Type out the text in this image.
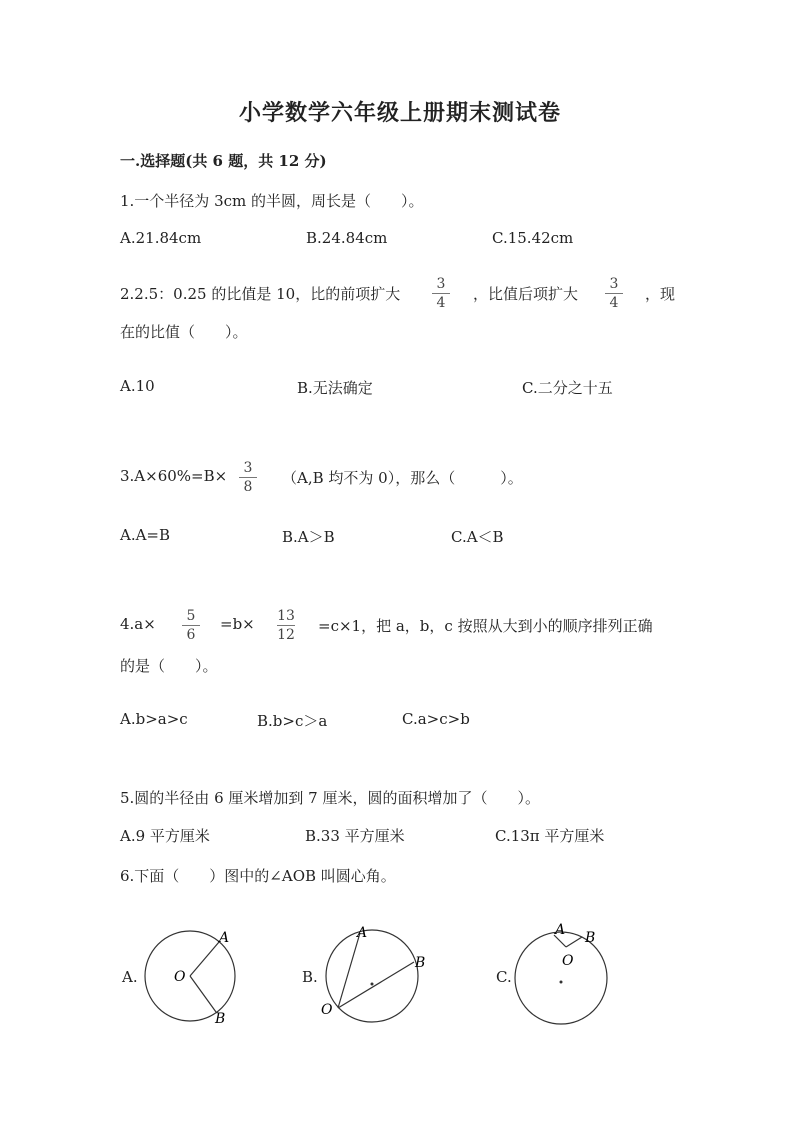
小学数学六年级上册期末测试卷
一.选择题(共 6 题，共 12 分)
1.一个半径为 3cm 的半圆，周长是（　　）。
A.21.84cm	B.24.84cm	C.15.42cm
2.2.5：0.25 的比值是 10，比的前项扩大
3
4	，比值后项扩大
3
4	，现
在的比值（　　）。
A.10	B.无法确定	C.二分之十五
3.A×60%=B×	3
8	（A,B 均不为 0），那么（　　　）。
A.A=B	B.A＞B	C.A＜B
4.a×	5
6
=b× 13
12 =c×1，把 a，b，c 按照从大到小的顺序排列正确
的是（　　）。
A.b>a>c	B.b>c＞a	C.a>c>b
5.圆的半径由 6 厘米增加到 7 厘米，圆的面积增加了（　　）。
A.9 平方厘米	B.33 平方厘米	C.13π 平方厘米
6.下面（　　）图中的∠AOB 叫圆心角。
A.
A
O
B
B.
A
O
B
C.
A
O
B
